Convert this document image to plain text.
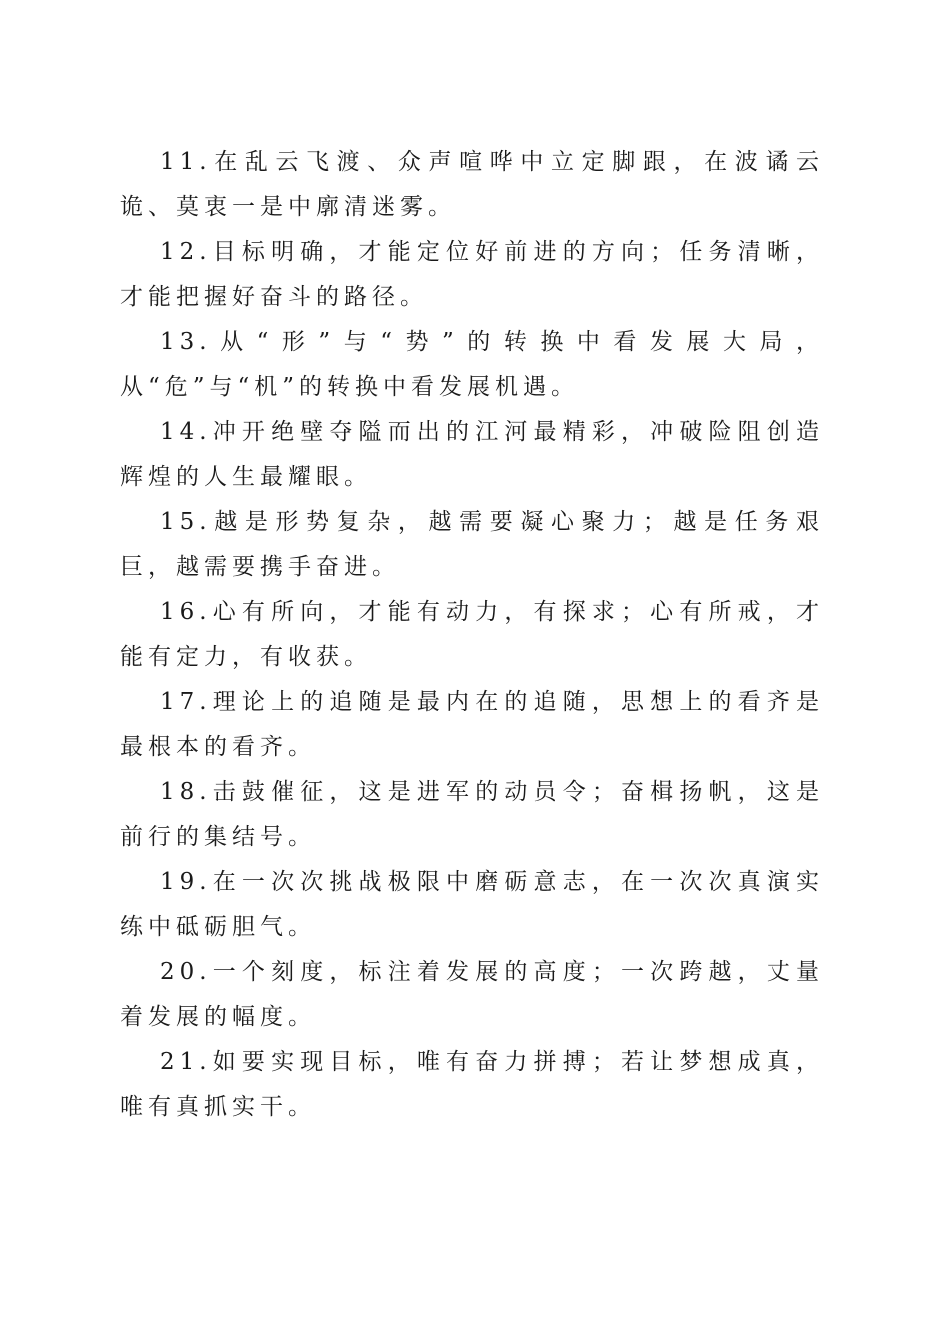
11.在乱云飞渡、众声喧哗中立定脚跟，在波谲云诡、莫衷一是中廓清迷雾。

12.目标明确，才能定位好前进的方向；任务清晰，才能把握好奋斗的路径。

13.从“形”与“势”的转换中看发展大局，从“危”与“机”的转换中看发展机遇。

14.冲开绝壁夺隘而出的江河最精彩，冲破险阻创造辉煌的人生最耀眼。

15.越是形势复杂，越需要凝心聚力；越是任务艰巨，越需要携手奋进。

16.心有所向，才能有动力，有探求；心有所戒，才能有定力，有收获。

17.理论上的追随是最内在的追随，思想上的看齐是最根本的看齐。

18.击鼓催征，这是进军的动员令；奋楫扬帆，这是前行的集结号。

19.在一次次挑战极限中磨砺意志，在一次次真演实练中砥砺胆气。

20.一个刻度，标注着发展的高度；一次跨越，丈量着发展的幅度。

21.如要实现目标，唯有奋力拼搏；若让梦想成真，唯有真抓实干。
